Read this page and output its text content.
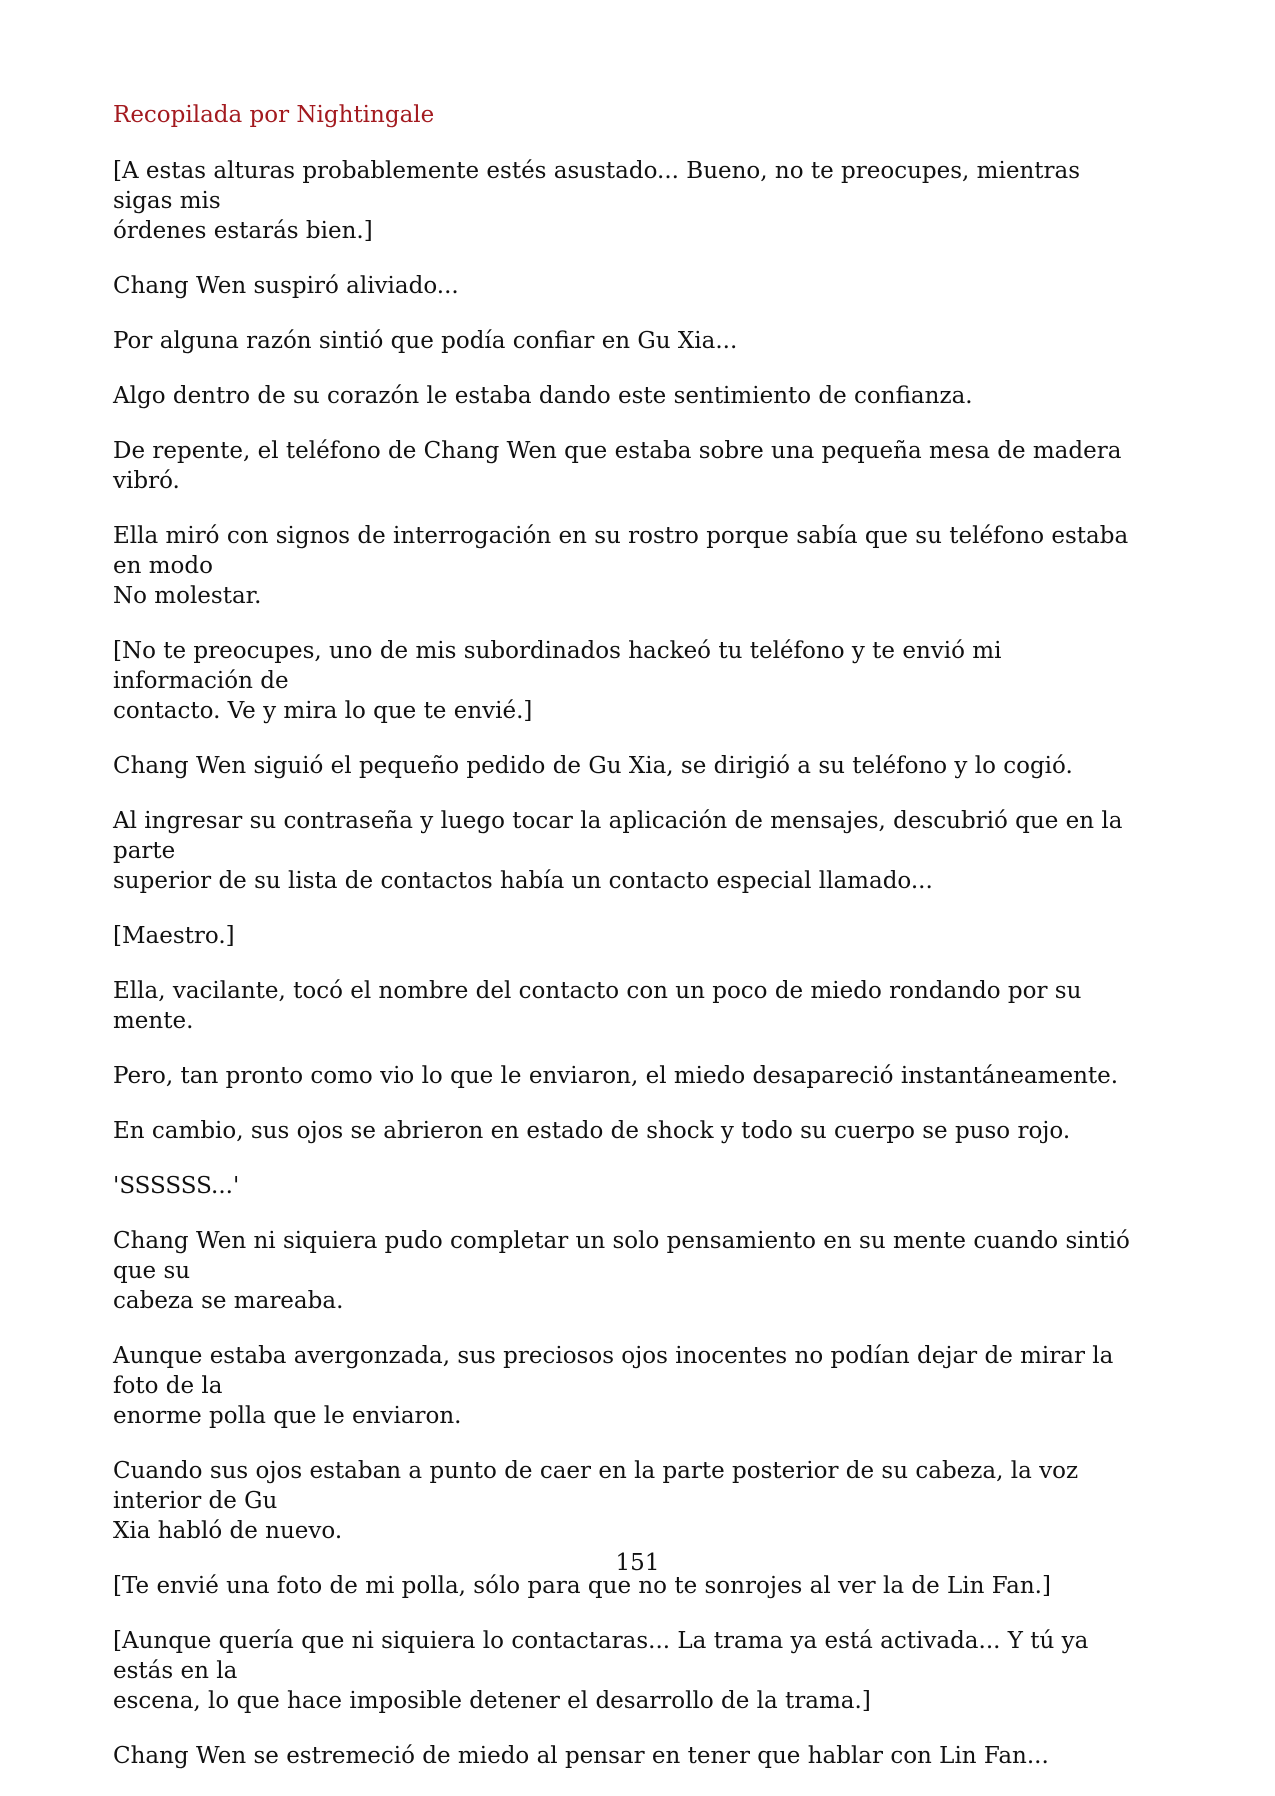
Recopilada por Nightingale

[A estas alturas probablemente estés asustado... Bueno, no te preocupes, mientras sigas mis
órdenes estarás bien.]

Chang Wen suspiró aliviado...

Por alguna razón sintió que podía confiar en Gu Xia...

Algo dentro de su corazón le estaba dando este sentimiento de confianza.

De repente, el teléfono de Chang Wen que estaba sobre una pequeña mesa de madera vibró.

Ella miró con signos de interrogación en su rostro porque sabía que su teléfono estaba en modo
No molestar.

[No te preocupes, uno de mis subordinados hackeó tu teléfono y te envió mi información de
contacto. Ve y mira lo que te envié.]

Chang Wen siguió el pequeño pedido de Gu Xia, se dirigió a su teléfono y lo cogió.

Al ingresar su contraseña y luego tocar la aplicación de mensajes, descubrió que en la parte
superior de su lista de contactos había un contacto especial llamado...

[Maestro.]

Ella, vacilante, tocó el nombre del contacto con un poco de miedo rondando por su mente.

Pero, tan pronto como vio lo que le enviaron, el miedo desapareció instantáneamente.

En cambio, sus ojos se abrieron en estado de shock y todo su cuerpo se puso rojo.

'SSSSSS...'

Chang Wen ni siquiera pudo completar un solo pensamiento en su mente cuando sintió que su
cabeza se mareaba.

Aunque estaba avergonzada, sus preciosos ojos inocentes no podían dejar de mirar la foto de la
enorme polla que le enviaron.

Cuando sus ojos estaban a punto de caer en la parte posterior de su cabeza, la voz interior de Gu
Xia habló de nuevo.

[Te envié una foto de mi polla, sólo para que no te sonrojes al ver la de Lin Fan.]

[Aunque quería que ni siquiera lo contactaras... La trama ya está activada... Y tú ya estás en la
escena, lo que hace imposible detener el desarrollo de la trama.]

Chang Wen se estremeció de miedo al pensar en tener que hablar con Lin Fan...

151
